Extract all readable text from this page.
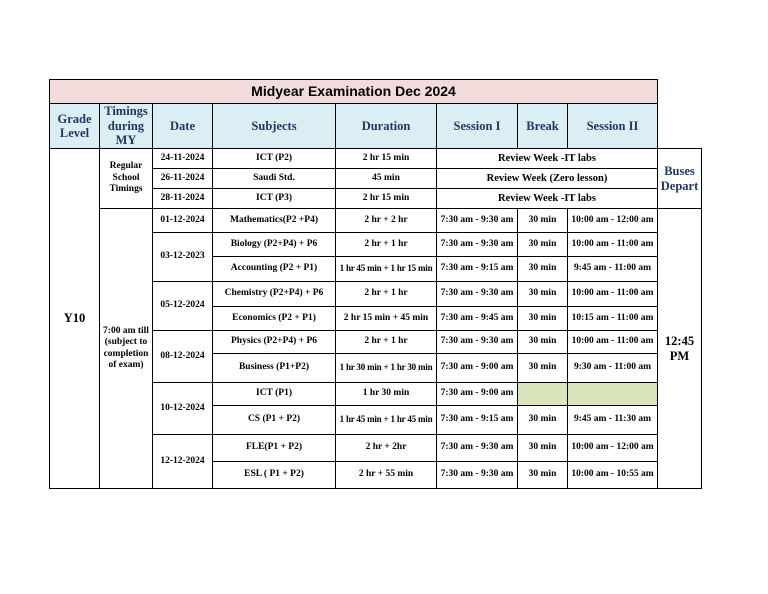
Midyear Examination Dec 2024								
Grade Level	Timings during MY	Date	Subjects	Duration	Session I	Break	Session II	
Y10	Regular School Timings	24-11-2024	ICT (P2)	2 hr 15 min	Review Week -IT labs			Buses Depart
		26-11-2024	Saudi Std.	45 min	Review Week (Zero lesson)			
		28-11-2024	ICT (P3)	2 hr 15 min	Review Week -IT labs			
	7:00 am till (subject to completion of exam)	01-12-2024	Mathematics(P2 +P4)	2 hr + 2 hr	7:30 am - 9:30 am	30 min	10:00 am - 12:00 am	12:45 PM
		03-12-2023	Biology (P2+P4) + P6	2 hr + 1 hr	7:30 am - 9:30 am	30 min	10:00 am - 11:00 am	
			Accounting (P2 + P1)	1 hr 45 min + 1 hr 15 min	7:30 am - 9:15 am	30 min	9:45 am - 11:00 am	
		05-12-2024	Chemistry (P2+P4) + P6	2 hr + 1 hr	7:30 am - 9:30 am	30 min	10:00 am - 11:00 am	
			Economics (P2 + P1)	2 hr 15 min + 45 min	7:30 am - 9:45 am	30 min	10:15 am - 11:00 am	
		08-12-2024	Physics (P2+P4) + P6	2 hr + 1 hr	7:30 am - 9:30 am	30 min	10:00 am - 11:00 am	
			Business (P1+P2)	1 hr 30 min + 1 hr 30 min	7:30 am - 9:00 am	30 min	9:30 am - 11:00 am	
		10-12-2024	ICT (P1)	1 hr 30 min	7:30 am - 9:00 am			
			CS (P1 + P2)	1 hr 45 min + 1 hr 45 min	7:30 am - 9:15 am	30 min	9:45 am - 11:30 am	
		12-12-2024	FLE(P1 + P2)	2 hr + 2hr	7:30 am - 9:30 am	30 min	10:00 am - 12:00 am	
			ESL ( P1 + P2)	2 hr + 55 min	7:30 am - 9:30 am	30 min	10:00 am - 10:55 am	
